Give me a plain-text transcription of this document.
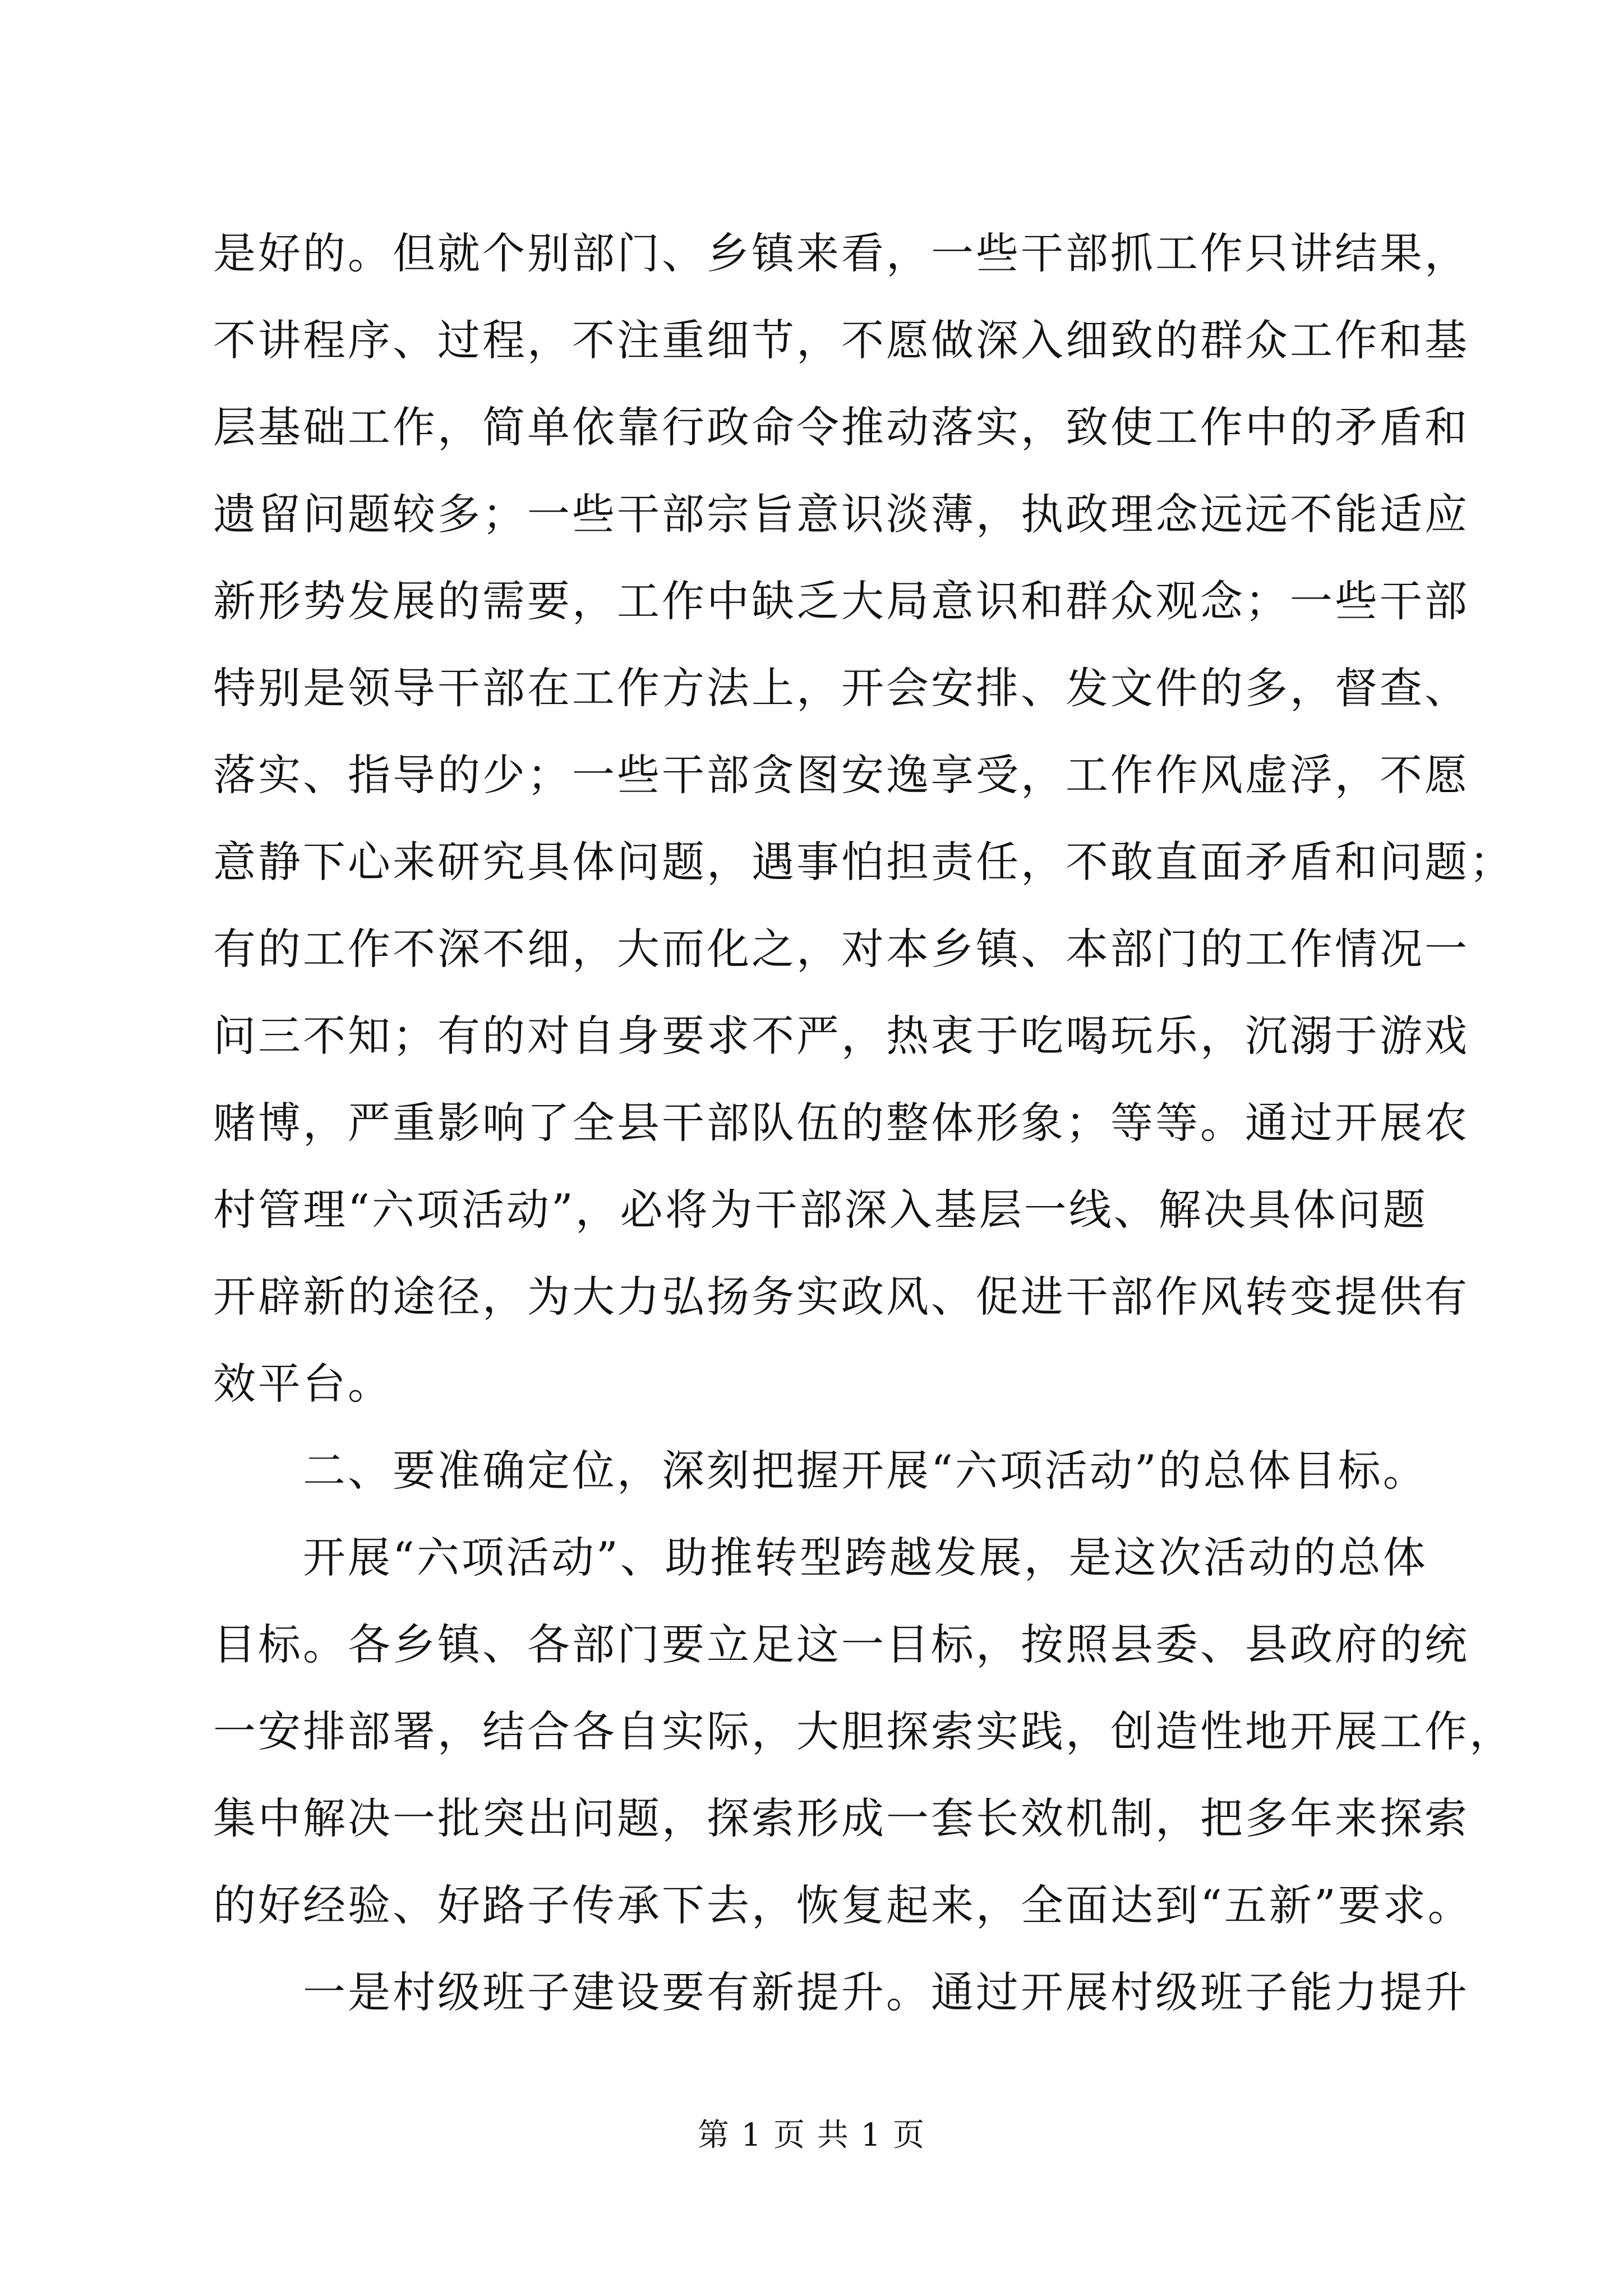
是好的。但就个别部门、乡镇来看，一些干部抓工作只讲结果，
不讲程序、过程，不注重细节，不愿做深入细致的群众工作和基
层基础工作，简单依靠行政命令推动落实，致使工作中的矛盾和
遗留问题较多；一些干部宗旨意识淡薄，执政理念远远不能适应
新形势发展的需要，工作中缺乏大局意识和群众观念；一些干部
特别是领导干部在工作方法上，开会安排、发文件的多，督查、
落实、指导的少；一些干部贪图安逸享受，工作作风虚浮，不愿
意静下心来研究具体问题，遇事怕担责任，不敢直面矛盾和问题；
有的工作不深不细，大而化之，对本乡镇、本部门的工作情况一
问三不知；有的对自身要求不严，热衷于吃喝玩乐，沉溺于游戏
赌博，严重影响了全县干部队伍的整体形象；等等。通过开展农
村管理“六项活动”，必将为干部深入基层一线、解决具体问题
开辟新的途径，为大力弘扬务实政风、促进干部作风转变提供有
效平台。
　　二、要准确定位，深刻把握开展“六项活动”的总体目标。
　　开展“六项活动”、助推转型跨越发展，是这次活动的总体
目标。各乡镇、各部门要立足这一目标，按照县委、县政府的统
一安排部署，结合各自实际，大胆探索实践，创造性地开展工作，
集中解决一批突出问题，探索形成一套长效机制，把多年来探索
的好经验、好路子传承下去，恢复起来，全面达到“五新”要求。
　　一是村级班子建设要有新提升。通过开展村级班子能力提升
第 1 页 共 1 页
